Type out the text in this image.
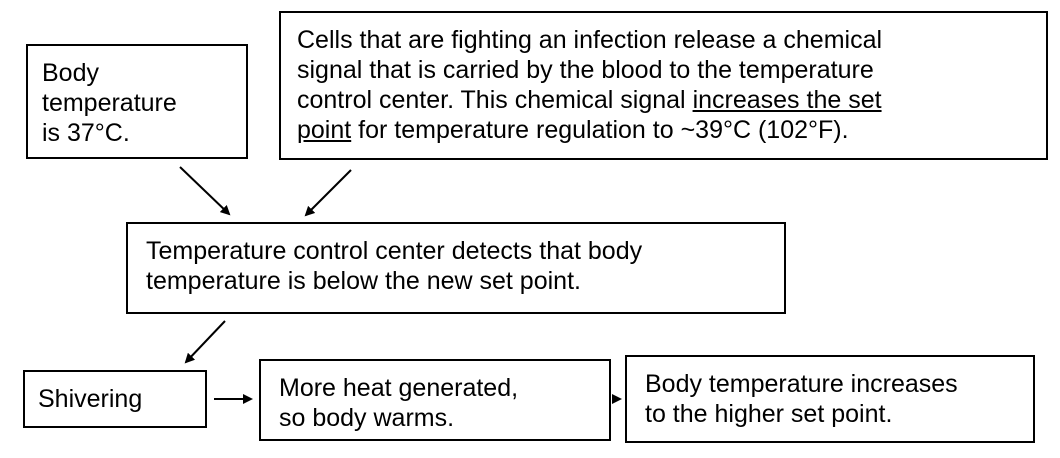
Body
temperature
is 37°C.
Cells that are fighting an infection release a chemical
signal that is carried by the blood to the temperature
control center. This chemical signal increases the set
point for temperature regulation to ~39°C (102°F).
Temperature control center detects that body
temperature is below the new set point.
Shivering	More heat generated,
so body warms.
Body temperature increases
to the higher set point.
